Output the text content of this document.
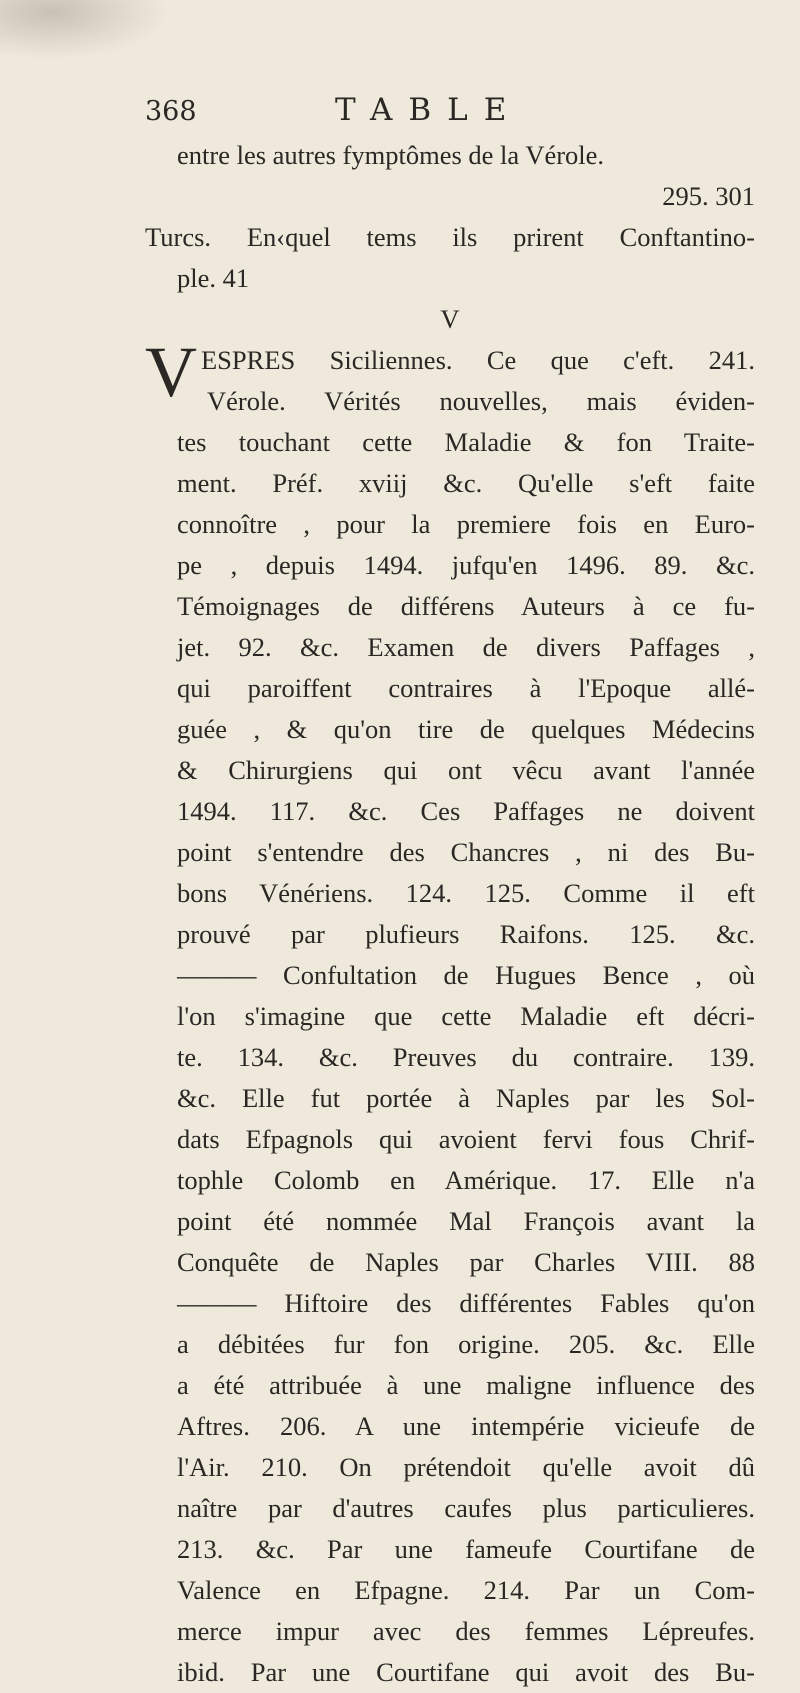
368	TABLE
entre les autres fymptômes de la Vérole.
295. 301
Turcs. En‹quel tems ils prirent Conftantino-
ple. 41
V
V ESPRES Siciliennes. Ce que c'eft. 241.
Vérole. Vérités nouvelles, mais éviden-
tes touchant cette Maladie & fon Traite-
ment. Préf. xviij &c. Qu'elle s'eft faite
connoître , pour la premiere fois en Euro-
pe , depuis 1494. jufqu'en 1496. 89. &c.
Témoignages de différens Auteurs à ce fu-
jet. 92. &c. Examen de divers Paffages ,
qui paroiffent contraires à l'Epoque allé-
guée , & qu'on tire de quelques Médecins
& Chirurgiens qui ont vêcu avant l'année
1494. 117. &c. Ces Paffages ne doivent
point s'entendre des Chancres , ni des Bu-
bons Vénériens. 124. 125. Comme il eft
prouvé par plufieurs Raifons. 125. &c.
——— Confultation de Hugues Bence , où
l'on s'imagine que cette Maladie eft décri-
te. 134. &c. Preuves du contraire. 139.
&c. Elle fut portée à Naples par les Sol-
dats Efpagnols qui avoient fervi fous Chrif-
tophle Colomb en Amérique. 17. Elle n'a
point été nommée Mal François avant la
Conquête de Naples par Charles VIII. 88
——— Hiftoire des différentes Fables qu'on
a débitées fur fon origine. 205. &c. Elle
a été attribuée à une maligne influence des
Aftres. 206. A une intempérie vicieufe de
l'Air. 210. On prétendoit qu'elle avoit dû
naître par d'autres caufes plus particulieres.
213. &c. Par une fameufe Courtifane de
Valence en Efpagne. 214. Par un Com-
merce impur avec des femmes Lépreufes.
ibid. Par une Courtifane qui avoit des Bu-
